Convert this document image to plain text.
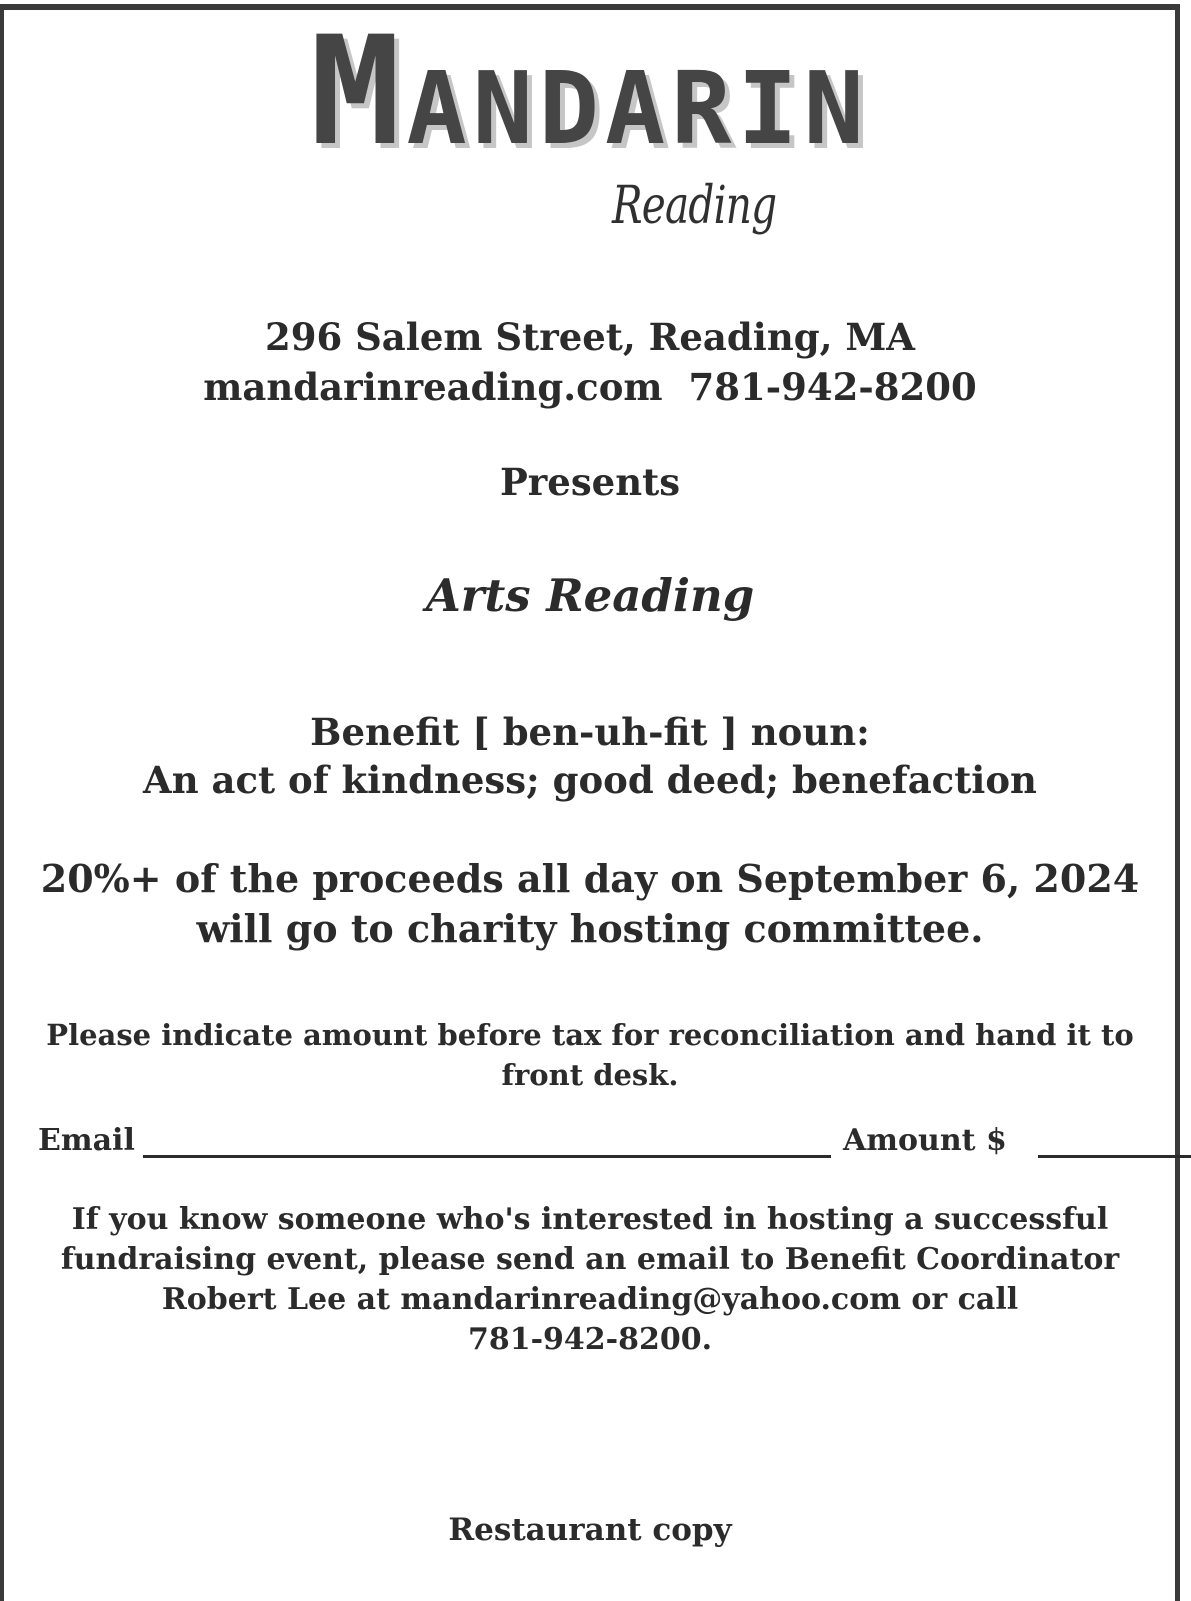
MANDARIN
Reading
296 Salem Street, Reading, MA
mandarinreading.com 781-942-8200
Presents
Arts Reading
Benefit [ ben-uh-fit ] noun:
An act of kindness; good deed; benefaction
20%+ of the proceeds all day on September 6, 2024
will go to charity hosting committee.
Please indicate amount before tax for reconciliation and hand it to
front desk.
Email	Amount $
If you know someone who's interested in hosting a successful
fundraising event, please send an email to Benefit Coordinator
Robert Lee at mandarinreading@yahoo.com or call
781-942-8200.
Restaurant copy
